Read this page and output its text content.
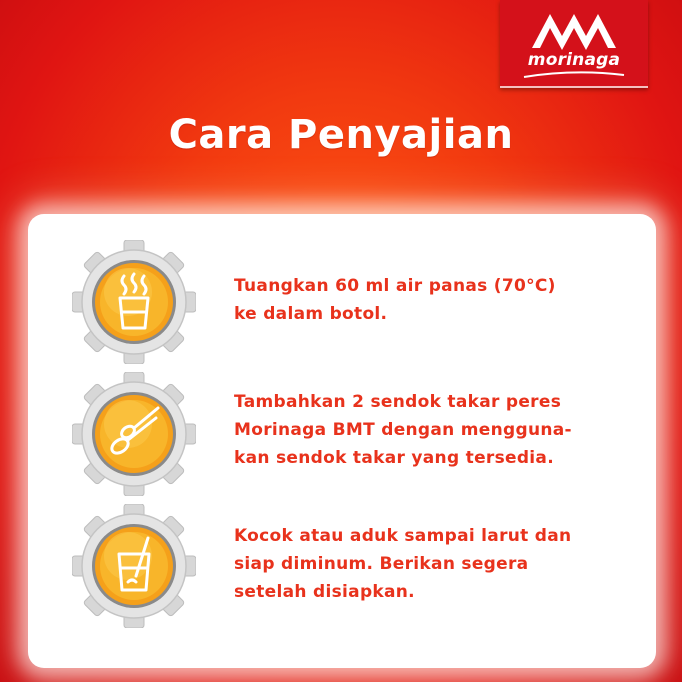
morinaga
Cara Penyajian
Tuangkan 60 ml air panas (70°C)
ke dalam botol.
Tambahkan 2 sendok takar peres
Morinaga BMT dengan mengguna-
kan sendok takar yang tersedia.
Kocok atau aduk sampai larut dan
siap diminum. Berikan segera
setelah disiapkan.
